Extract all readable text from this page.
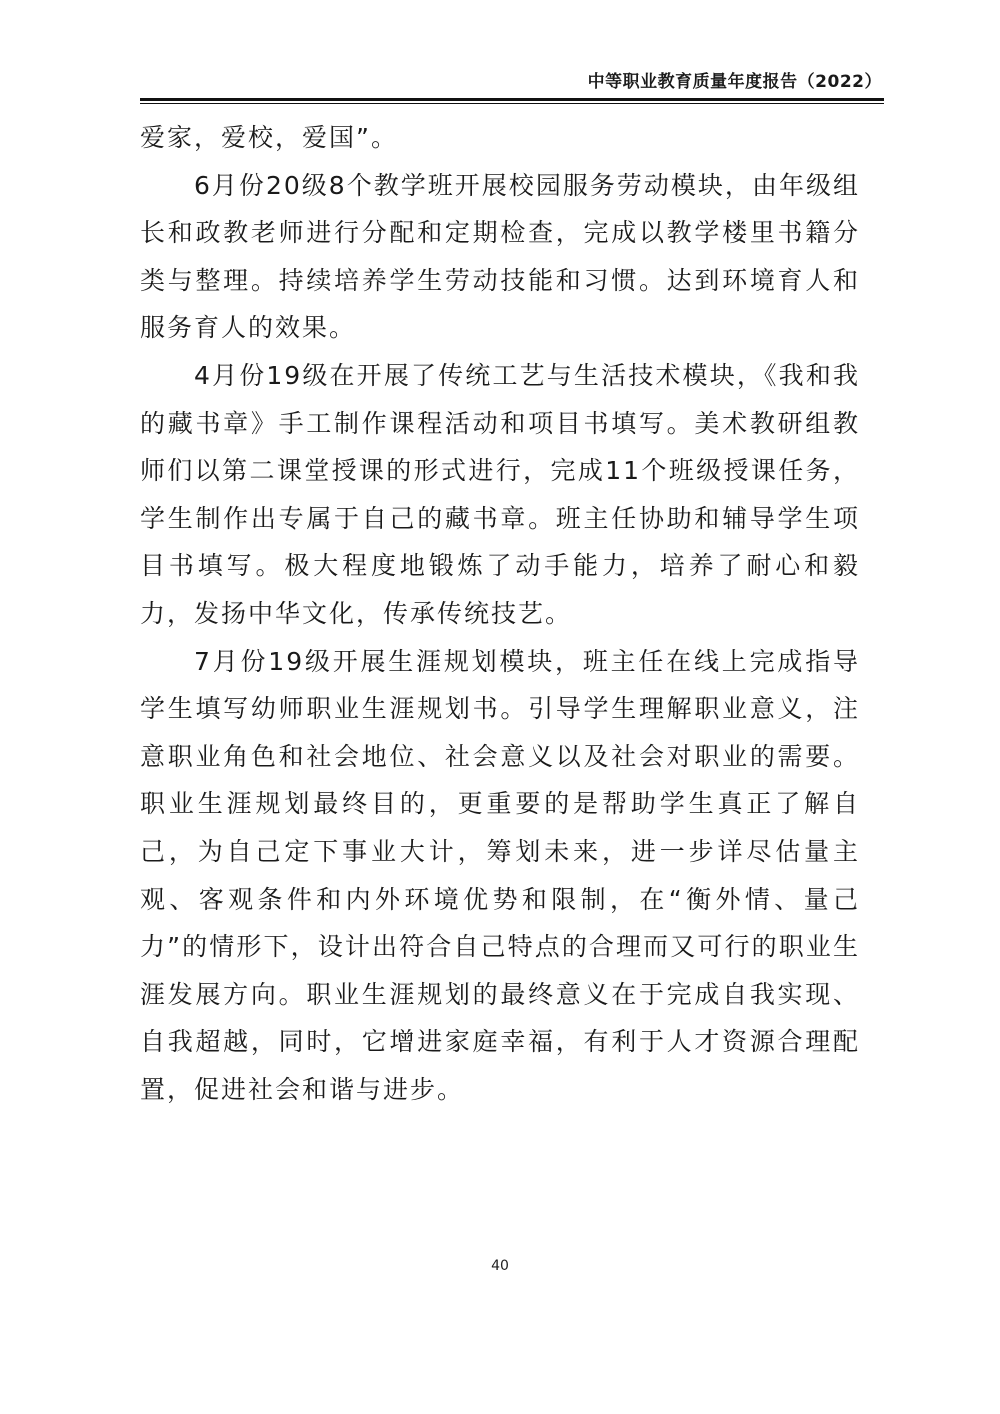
中等职业教育质量年度报告（2022）

爱家，爱校，爱国”。

6月份20级8个教学班开展校园服务劳动模块，由年级组长和政教老师进行分配和定期检查，完成以教学楼里书籍分类与整理。持续培养学生劳动技能和习惯。达到环境育人和服务育人的效果。

4月份19级在开展了传统工艺与生活技术模块，《我和我的藏书章》手工制作课程活动和项目书填写。美术教研组教师们以第二课堂授课的形式进行，完成11个班级授课任务，学生制作出专属于自己的藏书章。班主任协助和辅导学生项目书填写。极大程度地锻炼了动手能力，培养了耐心和毅力，发扬中华文化，传承传统技艺。

7月份19级开展生涯规划模块，班主任在线上完成指导学生填写幼师职业生涯规划书。引导学生理解职业意义，注意职业角色和社会地位、社会意义以及社会对职业的需要。职业生涯规划最终目的，更重要的是帮助学生真正了解自己，为自己定下事业大计，筹划未来，进一步详尽估量主观、客观条件和内外环境优势和限制，在“衡外情、量己力”的情形下，设计出符合自己特点的合理而又可行的职业生涯发展方向。职业生涯规划的最终意义在于完成自我实现、自我超越，同时，它增进家庭幸福，有利于人才资源合理配置，促进社会和谐与进步。

40
